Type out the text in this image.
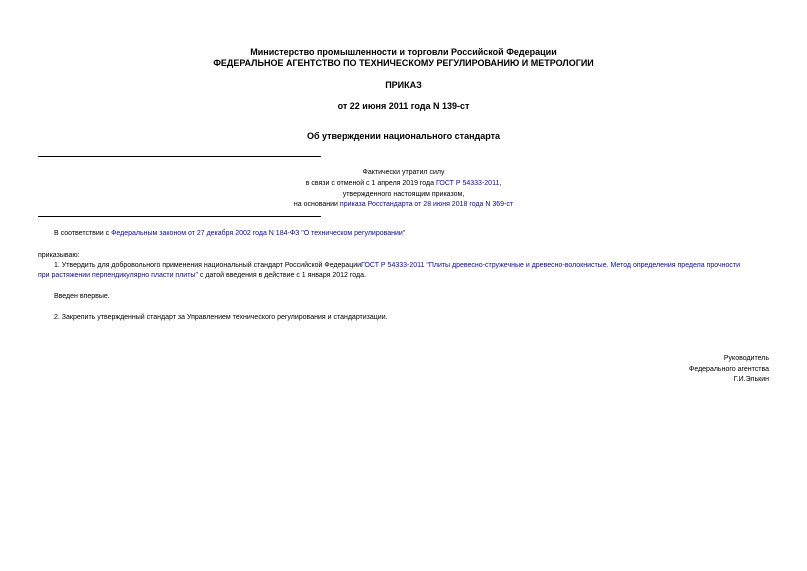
Министерство промышленности и торговли Российской Федерации
ФЕДЕРАЛЬНОЕ АГЕНТСТВО ПО ТЕХНИЧЕСКОМУ РЕГУЛИРОВАНИЮ И МЕТРОЛОГИИ
ПРИКАЗ
от 22 июня 2011 года N 139-ст
Об утверждении национального стандарта
Фактически утратил силу
в связи с отменой с 1 апреля 2019 года ГОСТ Р 54333-2011,
утвержденного настоящим приказом,
на основании приказа Росстандарта от 28 июня 2018 года N 369-ст
В соответствии с Федеральным законом от 27 декабря 2002 года N 184-ФЗ "О техническом регулировании"
приказываю:
1. Утвердить для добровольного применения национальный стандарт Российской ФедерацииГОСТ Р 54333-2011 "Плиты древесно-стружечные и древесно-волокнистые. Метод определения предела прочности
при растяжении перпендикулярно пласти плиты" с датой введения в действие с 1 января 2012 года.
Введен впервые.
2. Закрепить утвержденный стандарт за Управлением технического регулирования и стандартизации.
Руководитель
Федерального агентства
Г.И.Элькин
